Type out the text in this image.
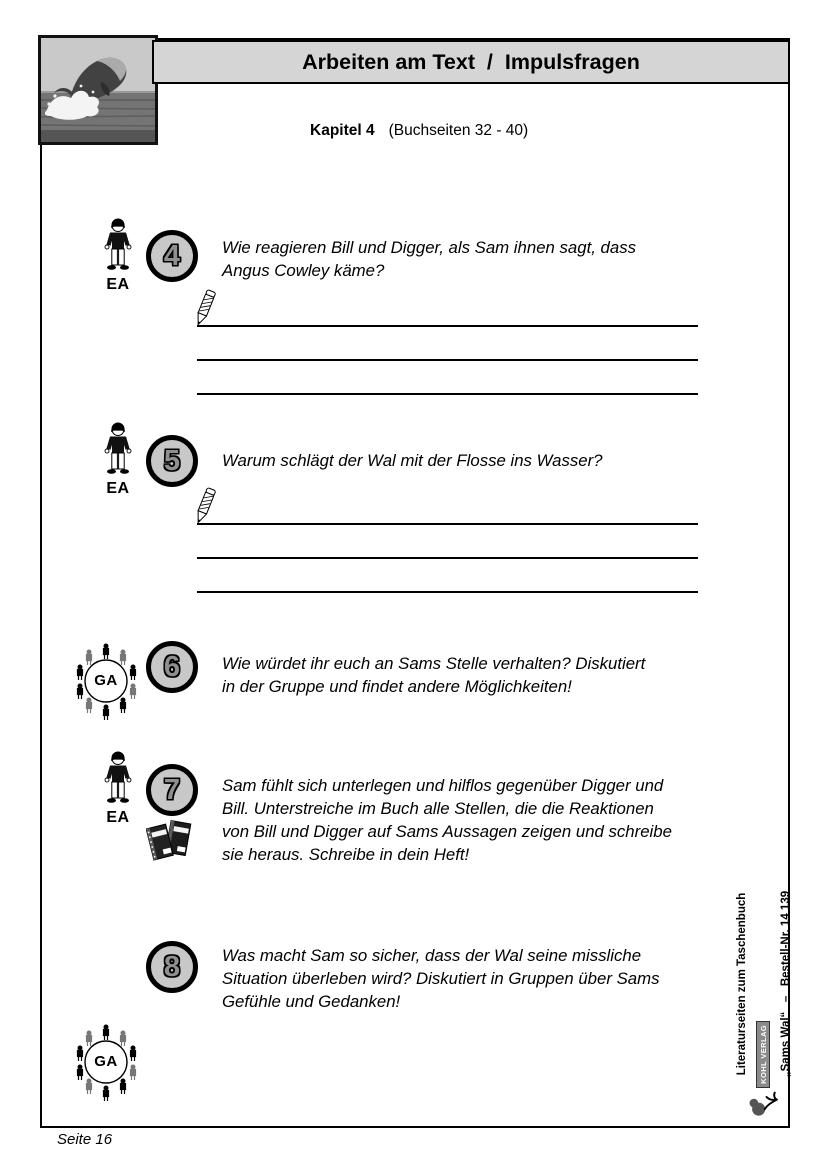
Arbeiten am Text  /  Impulsfragen
Kapitel 4 (Buchseiten 32 - 40)
EA
4 Wie reagieren Bill und Digger, als Sam ihnen sagt, dass
Angus Cowley käme?
EA
5 Warum schlägt der Wal mit der Flosse ins Wasser?
GA 6 Wie würdet ihr euch an Sams Stelle verhalten? Diskutiert
in der Gruppe und findet andere Möglichkeiten!
EA
7 Sam fühlt sich unterlegen und hilflos gegenüber Digger und
Bill. Unterstreiche im Buch alle Stellen, die die Reaktionen
von Bill und Digger auf Sams Aussagen zeigen und schreibe
sie heraus. Schreibe in dein Heft!
GA
8 Was macht Sam so sicher, dass der Wal seine missliche
Situation überleben wird? Diskutiert in Gruppen über Sams
Gefühle und Gedanken!

	Literaturseiten zum Taschenbuch

	„Sams Wal“   –   Bestell-Nr. 14 139

KOHL VERLAG
Seite 16
